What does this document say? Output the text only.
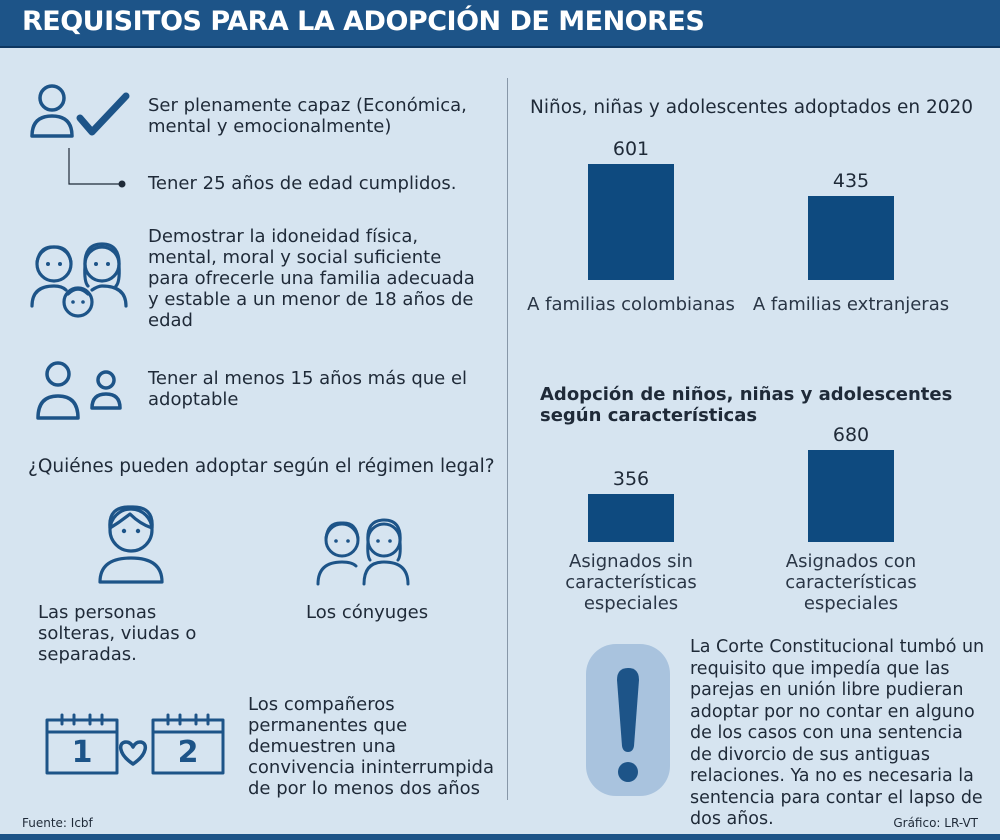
REQUISITOS PARA LA ADOPCIÓN DE MENORES
Ser plenamente capaz (Económica, mental y emocionalmente)
Tener 25 años de edad cumplidos.
Demostrar la idoneidad física, mental, moral y social suficiente para ofrecerle una familia adecuada y estable a un menor de 18 años de edad
Tener al menos 15 años más que el adoptable
¿Quiénes pueden adoptar según el régimen legal?
Las personas solteras, viudas o separadas.
Los cónyuges
1	2
Los compañeros permanentes que demuestren una convivencia ininterrumpida de por lo menos dos años
Niños, niñas y adolescentes adoptados en 2020
601
A familias colombianas
435
A familias extranjeras
Adopción de niños, niñas y adolescentes según características
356
Asignados sin características especiales
680
Asignados con características especiales
La Corte Constitucional tumbó un requisito que impedía que las parejas en unión libre pudieran adoptar por no contar en alguno de los casos con una sentencia de divorcio de sus antiguas relaciones. Ya no es necesaria la sentencia para contar el lapso de dos años.
Fuente: Icbf	Gráfico: LR-VT
